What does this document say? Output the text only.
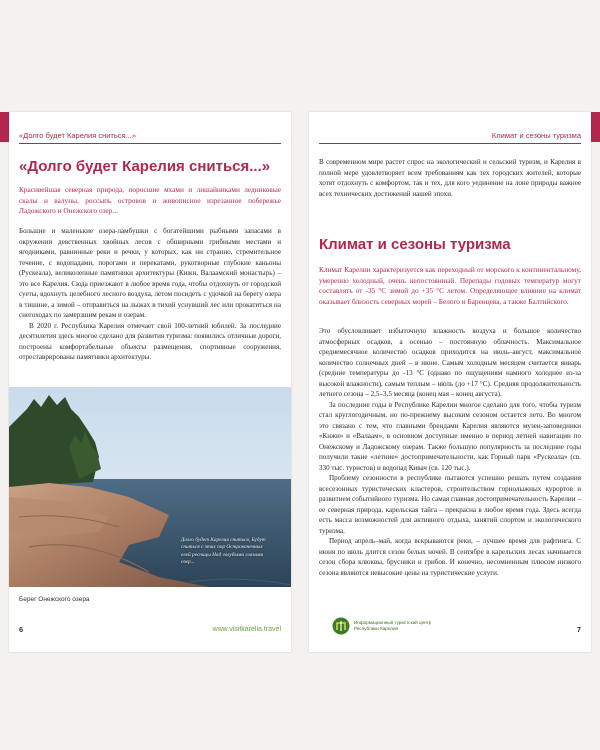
«Долго будет Карелия сниться...»
«Долго будет Карелия сниться...»

Красивейшая северная природа, поросшие мхами и лишайниками ледниковые скалы и валуны, россыпь островов и живописное изрезанное побережье Ладожского и Онежского озер...

Большие и маленькие озера-ламбушки с богатейшими рыбными запасами в окружении девственных хвойных лесов с обширными грибными местами и ягодниками, равнинные реки и речки, у которых, как ни странно, стремительное течение, с водопадами, порогами и перекатами, рукотворные глубокие каньоны (Рускеала), великолепные памятники архитектуры (Кижи, Валаамский монастырь) – это все Карелия. Сюда приезжают в любое время года, чтобы отдохнуть от городской суеты, вдохнуть целебного лесного воздуха, летом посидеть с удочкой на берегу озера в тишине, а зимой – отправиться на лыжах в тихий уснувший лес или прокатиться на снегоходах по замерзшим рекам и озерам.

В 2020 г. Республика Карелия отмечает свой 100-летний юбилей. За последние десятилетия здесь многое сделано для развития туризма: появились отличные дороги, построены комфортабельные объекты размещения, спортивные сооружения, отреставрированы памятники архитектуры.

Долго будет Карелия сниться, Будут сниться с этих пор Остроконечных елей ресницы Над голубыми глазами озер...

Берег Онежского озера

6	www.visitkarelia.travel
Климат и сезоны туризма

В современном мире растет спрос на экологический и сельский туризм, и Карелия в полной мере удовлетворяет всем требованиям как тех городских жителей, которые хотят отдохнуть с комфортом, так и тех, для кого уединение на лоне природы важнее всех технических достижений нашей эпохи.

Климат и сезоны туризма

Климат Карелии характеризуется как переходный от морского к континентальному, умеренно холодный, очень непостоянный. Перепады годовых температур могут составлять от -35 °С зимой до +35 °С летом. Определяющее влияние на климат оказывает близость северных морей – Белого и Баренцева, а также Балтийского.

Это обусловливает избыточную влажность воздуха и большое количество атмосферных осадков, а осенью – постоянную облачность. Максимальное среднемесячное количество осадков приходится на июль–август, максимальное количество солнечных дней – в июне. Самым холодным месяцем считается январь (средние температуры до -13 °С (однако по ощущениям намного холоднее из-за высокой влажности), самым теплым – июль (до +17 °С). Средняя продолжительность летнего сезона – 2,5–3,5 месяца (конец мая – конец августа).

За последние годы в Республике Карелии многое сделано для того, чтобы туризм стал круглогодичным, но по-прежнему высоким сезоном остается лето. Во многом это связано с тем, что главными брендами Карелия являются музеи-заповедники «Кижи» и «Валаам», в основном доступные именно в период летней навигации по Онежскому и Ладожскому озерам. Также большую популярность за последние годы получили такие «летние» достопримечательности, как Горный парк «Рускеала» (св. 330 тыс. туристов) и водопад Кивач (св. 120 тыс.).

Проблему сезонности в республике пытаются успешно решать путем создания всесезонных туристических кластеров, строительством горнолыжных курортов и развитием событийного туризма. Но самая главная достопримечательность Карелии – ее северная природа, карельская тайга – прекрасна в любое время года. Здесь всегда есть масса возможностей для активного отдыха, занятий спортом и экологического туризма.

Период апрель–май, когда вскрываются реки, – лучшее время для рафтинга. С июня по июль длится сезон белых ночей. В сентябре в карельских лесах начинается сезон сбора клюквы, брусники и грибов. И конечно, несомненным плюсом низкого сезона являются невысокие цены на туристические услуги.

Информационный туристский центр
Республики Карелия	7
